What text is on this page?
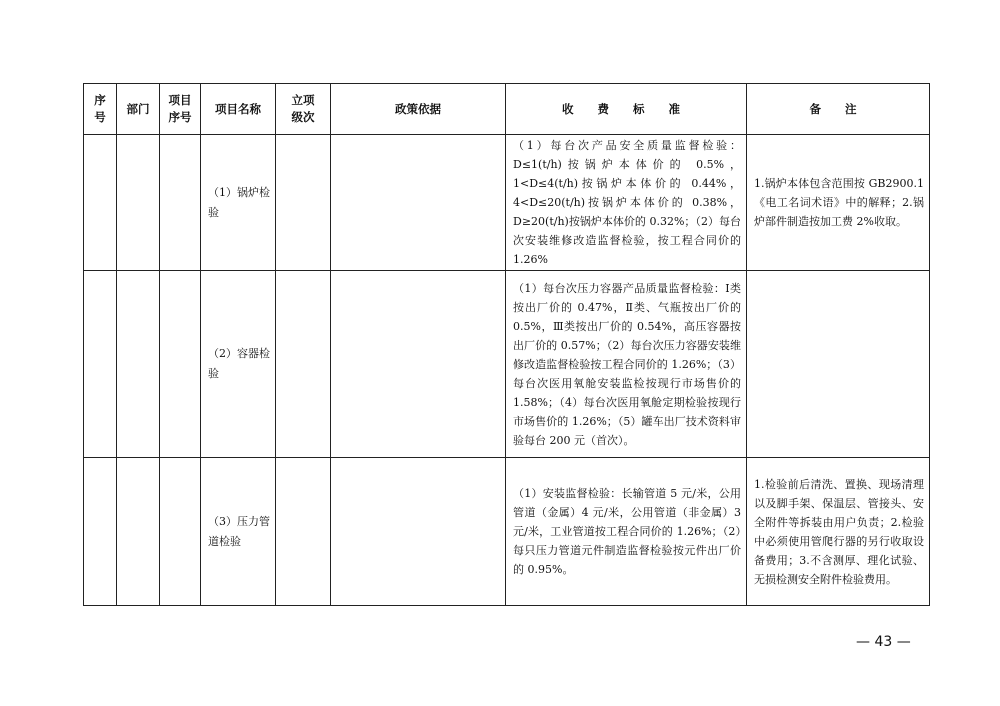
序号	部门	项目序号	项目名称	立项级次	政策依据	收 费 标 准	备 注
			（1）锅炉检验			（1）每台次产品安全质量监督检验：D≤1(t/h)按锅炉本体价的 0.5%，1<D≤4(t/h)按锅炉本体价的 0.44%，4<D≤20(t/h)按锅炉本体价的 0.38%，D≥20(t/h)按锅炉本体价的 0.32%；（2）每台次安装维修改造监督检验，按工程合同价的 1.26%	1.锅炉本体包含范围按 GB2900.1《电工名词术语》中的解释；2.锅炉部件制造按加工费 2%收取。
			（2）容器检验			（1）每台次压力容器产品质量监督检验：Ⅰ类按出厂价的 0.47%，Ⅱ类、气瓶按出厂价的 0.5%，Ⅲ类按出厂价的 0.54%，高压容器按出厂价的 0.57%；（2）每台次压力容器安装维修改造监督检验按工程合同价的 1.26%；（3）每台次医用氧舱安装监检按现行市场售价的 1.58%；（4）每台次医用氧舱定期检验按现行市场售价的 1.26%；（5）罐车出厂技术资料审验每台 200 元（首次）。	
			（3）压力管道检验			（1）安装监督检验：长输管道 5 元/米，公用管道（金属）4 元/米，公用管道（非金属）3 元/米，工业管道按工程合同价的 1.26%；（2）每只压力管道元件制造监督检验按元件出厂价的 0.95%。	1.检验前后清洗、置换、现场清理以及脚手架、保温层、管接头、安全附件等拆装由用户负责；2.检验中必须使用管爬行器的另行收取设备费用；3.不含测厚、理化试验、无损检测安全附件检验费用。
— 43 —
